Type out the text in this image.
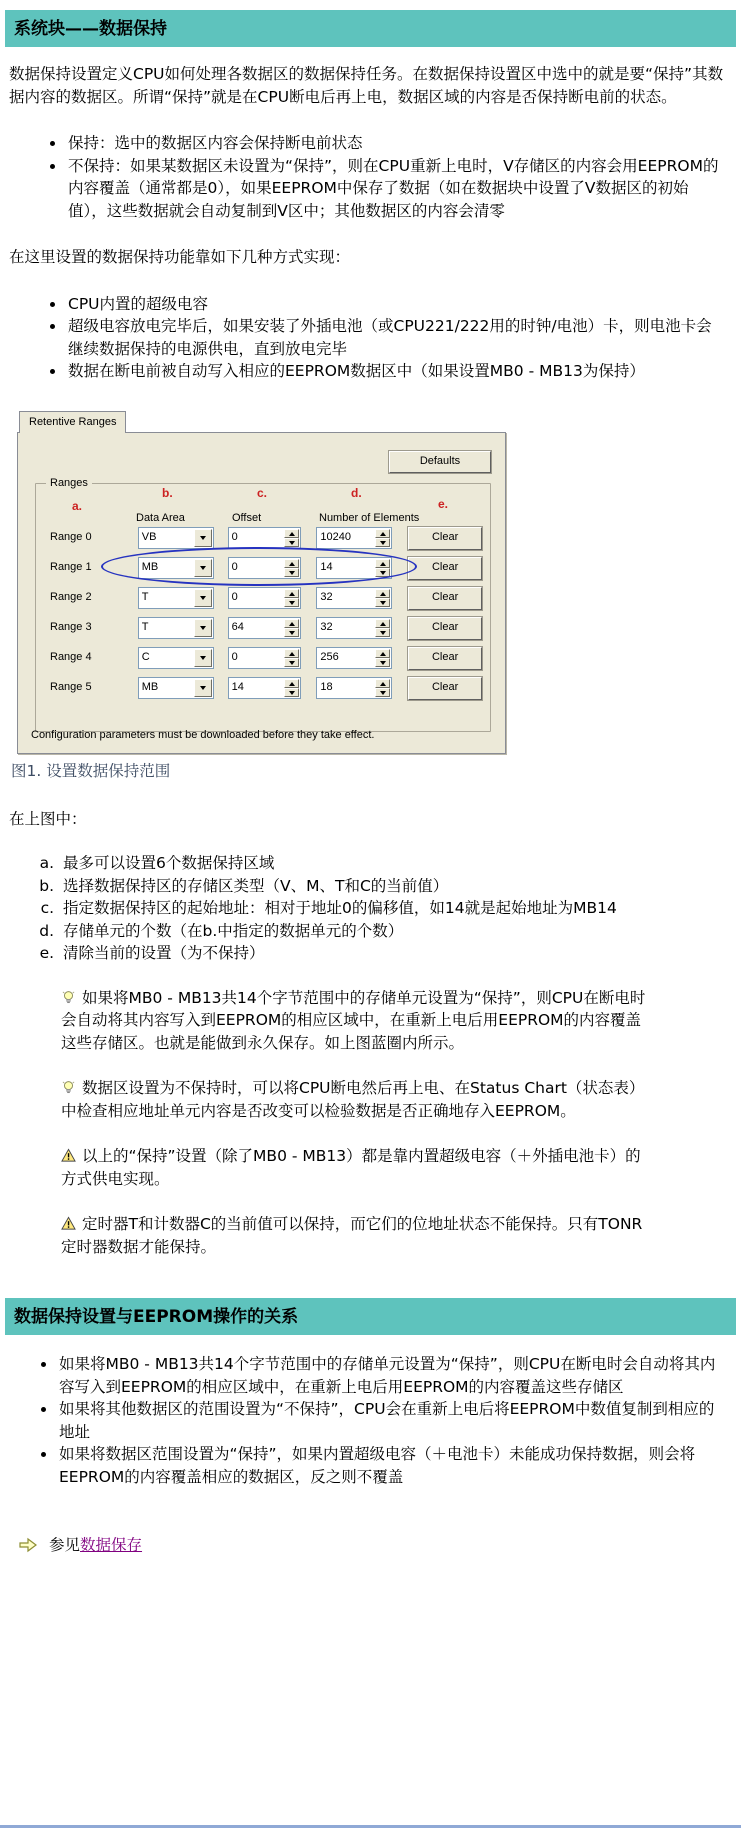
系统块——数据保持

数据保持设置定义CPU如何处理各数据区的数据保持任务。在数据保持设置区中选中的就是要“保持”其数据内容的数据区。所谓“保持”就是在CPU断电后再上电，数据区域的内容是否保持断电前的状态。

• 保持：选中的数据区内容会保持断电前状态
• 不保持：如果某数据区未设置为“保持”，则在CPU重新上电时，V存储区的内容会用EEPROM的内容覆盖（通常都是0），如果EEPROM中保存了数据（如在数据块中设置了V数据区的初始值），这些数据就会自动复制到V区中；其他数据区的内容会清零

在这里设置的数据保持功能靠如下几种方式实现：

• CPU内置的超级电容
• 超级电容放电完毕后，如果安装了外插电池（或CPU221/222用的时钟/电池）卡，则电池卡会继续数据保持的电源供电，直到放电完毕
• 数据在断电前被自动写入相应的EEPROM数据区中（如果设置MB0 - MB13为保持）
Retentive Ranges
Defaults
Ranges
a.
b.	c.	d.
e.
Data Area	Offset	Number of Elements
Range 0	VB	0	10240	Clear
Range 1	MB	0	14	Clear
Range 2	T	0	32	Clear
Range 3	T	64	32	Clear
Range 4	C	0	256	Clear
Range 5	MB	14	18	Clear
Configuration parameters must be downloaded before they take effect.
图1. 设置数据保持范围

在上图中：

a. 最多可以设置6个数据保持区域
b. 选择数据保持区的存储区类型（V、M、T和C的当前值）
c. 指定数据保持区的起始地址：相对于地址0的偏移值，如14就是起始地址为MB14
d. 存储单元的个数（在b.中指定的数据单元的个数）
e. 清除当前的设置（为不保持）
如果将MB0 - MB13共14个字节范围中的存储单元设置为“保持”，则CPU在断电时会自动将其内容写入到EEPROM的相应区域中，在重新上电后用EEPROM的内容覆盖这些存储区。也就是能做到永久保存。如上图蓝圈内所示。
数据区设置为不保持时，可以将CPU断电然后再上电、在Status Chart（状态表）中检查相应地址单元内容是否改变可以检验数据是否正确地存入EEPROM。
以上的“保持”设置（除了MB0 - MB13）都是靠内置超级电容（＋外插电池卡）的方式供电实现。
定时器T和计数器C的当前值可以保持，而它们的位地址状态不能保持。只有TONR定时器数据才能保持。
数据保持设置与EEPROM操作的关系
• 如果将MB0 - MB13共14个字节范围中的存储单元设置为“保持”，则CPU在断电时会自动将其内容写入到EEPROM的相应区域中，在重新上电后用EEPROM的内容覆盖这些存储区
• 如果将其他数据区的范围设置为“不保持”，CPU会在重新上电后将EEPROM中数值复制到相应的地址
• 如果将数据区范围设置为“保持”，如果内置超级电容（＋电池卡）未能成功保持数据，则会将EEPROM的内容覆盖相应的数据区，反之则不覆盖
参见 数据保存
